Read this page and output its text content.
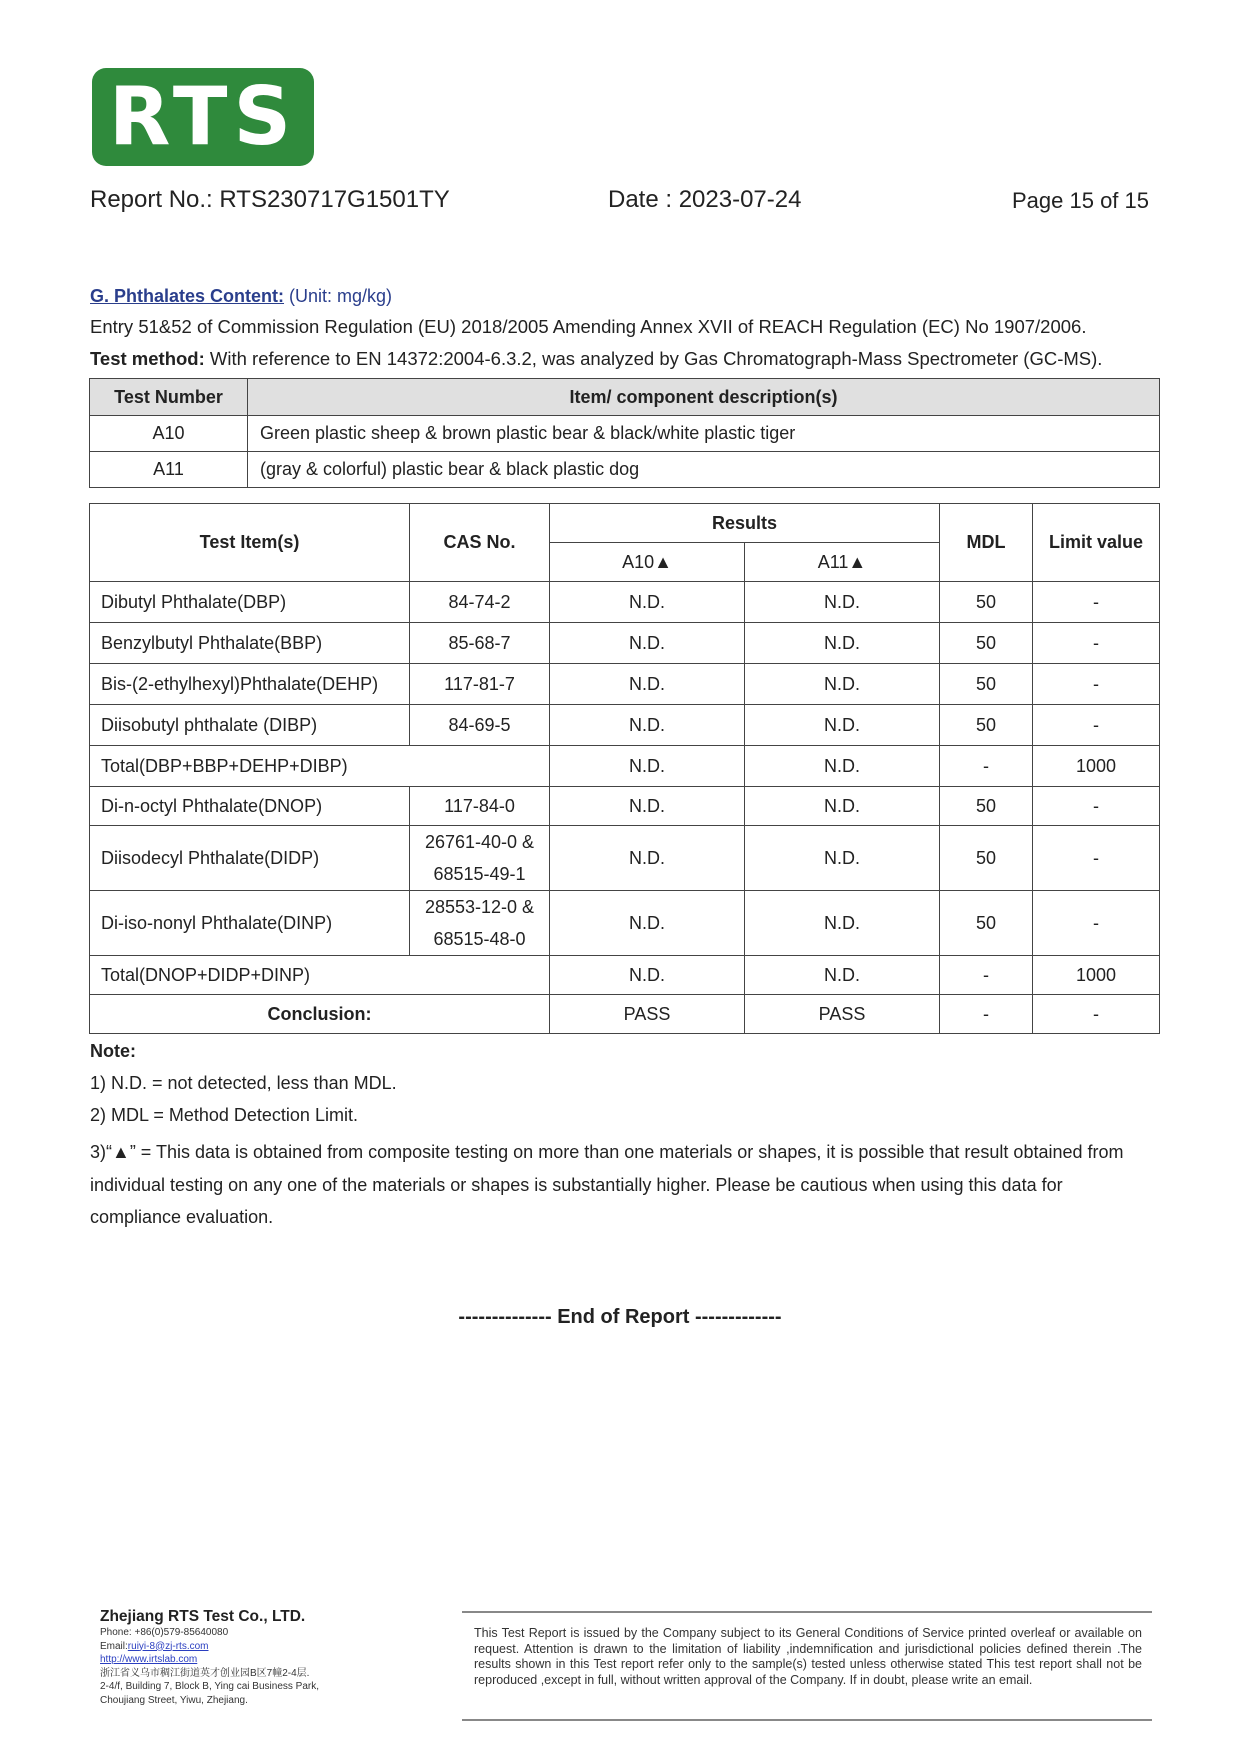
RTS
Report No.: RTS230717G1501TY	Date : 2023-07-24	Page 15 of 15
G. Phthalates Content: (Unit: mg/kg)
Entry 51&52 of Commission Regulation (EU) 2018/2005 Amending Annex XVII of REACH Regulation (EC) No 1907/2006.
Test method: With reference to EN 14372:2004-6.3.2, was analyzed by Gas Chromatograph-Mass Spectrometer (GC-MS).
Test Number	Item/ component description(s)
A10	Green plastic sheep & brown plastic bear & black/white plastic tiger
A11	(gray & colorful) plastic bear & black plastic dog
Test Item(s)	CAS No.	Results		MDL	Limit value
		A10▲	A11▲		
Dibutyl Phthalate(DBP)	84-74-2	N.D.	N.D.	50	-
Benzylbutyl Phthalate(BBP)	85-68-7	N.D.	N.D.	50	-
Bis-(2-ethylhexyl)Phthalate(DEHP)	117-81-7	N.D.	N.D.	50	-
Diisobutyl phthalate (DIBP)	84-69-5	N.D.	N.D.	50	-
Total(DBP+BBP+DEHP+DIBP)		N.D.	N.D.	-	1000
Di-n-octyl Phthalate(DNOP)	117-84-0	N.D.	N.D.	50	-
Diisodecyl Phthalate(DIDP)	26761-40-0 &
68515-49-1	N.D.	N.D.	50	-
Di-iso-nonyl Phthalate(DINP)	28553-12-0 &
68515-48-0	N.D.	N.D.	50	-
Total(DNOP+DIDP+DINP)		N.D.	N.D.	-	1000
Conclusion:		PASS	PASS	-	-
Note:
1) N.D. = not detected, less than MDL.
2) MDL = Method Detection Limit.
3)“▲” = This data is obtained from composite testing on more than one materials or shapes, it is possible that result obtained from individual testing on any one of the materials or shapes is substantially higher. Please be cautious when using this data for compliance evaluation.
-------------- End of Report -------------
Zhejiang RTS Test Co., LTD.
Phone: +86(0)579-85640080
Email:ruiyi-8@zj-rts.com
http://www.irtslab.com
浙江省义乌市稠江街道英才创业园B区7幢2-4层.
2-4/f, Building 7, Block B, Ying cai Business Park,
Choujiang Street, Yiwu, Zhejiang.
This Test Report is issued by the Company subject to its General Conditions of Service printed overleaf or available on request. Attention is drawn to the limitation of liability ,indemnification and jurisdictional policies defined therein .The results shown in this Test report refer only to the sample(s) tested unless otherwise stated This test report shall not be reproduced ,except in full, without written approval of the Company. If in doubt, please write an email.
